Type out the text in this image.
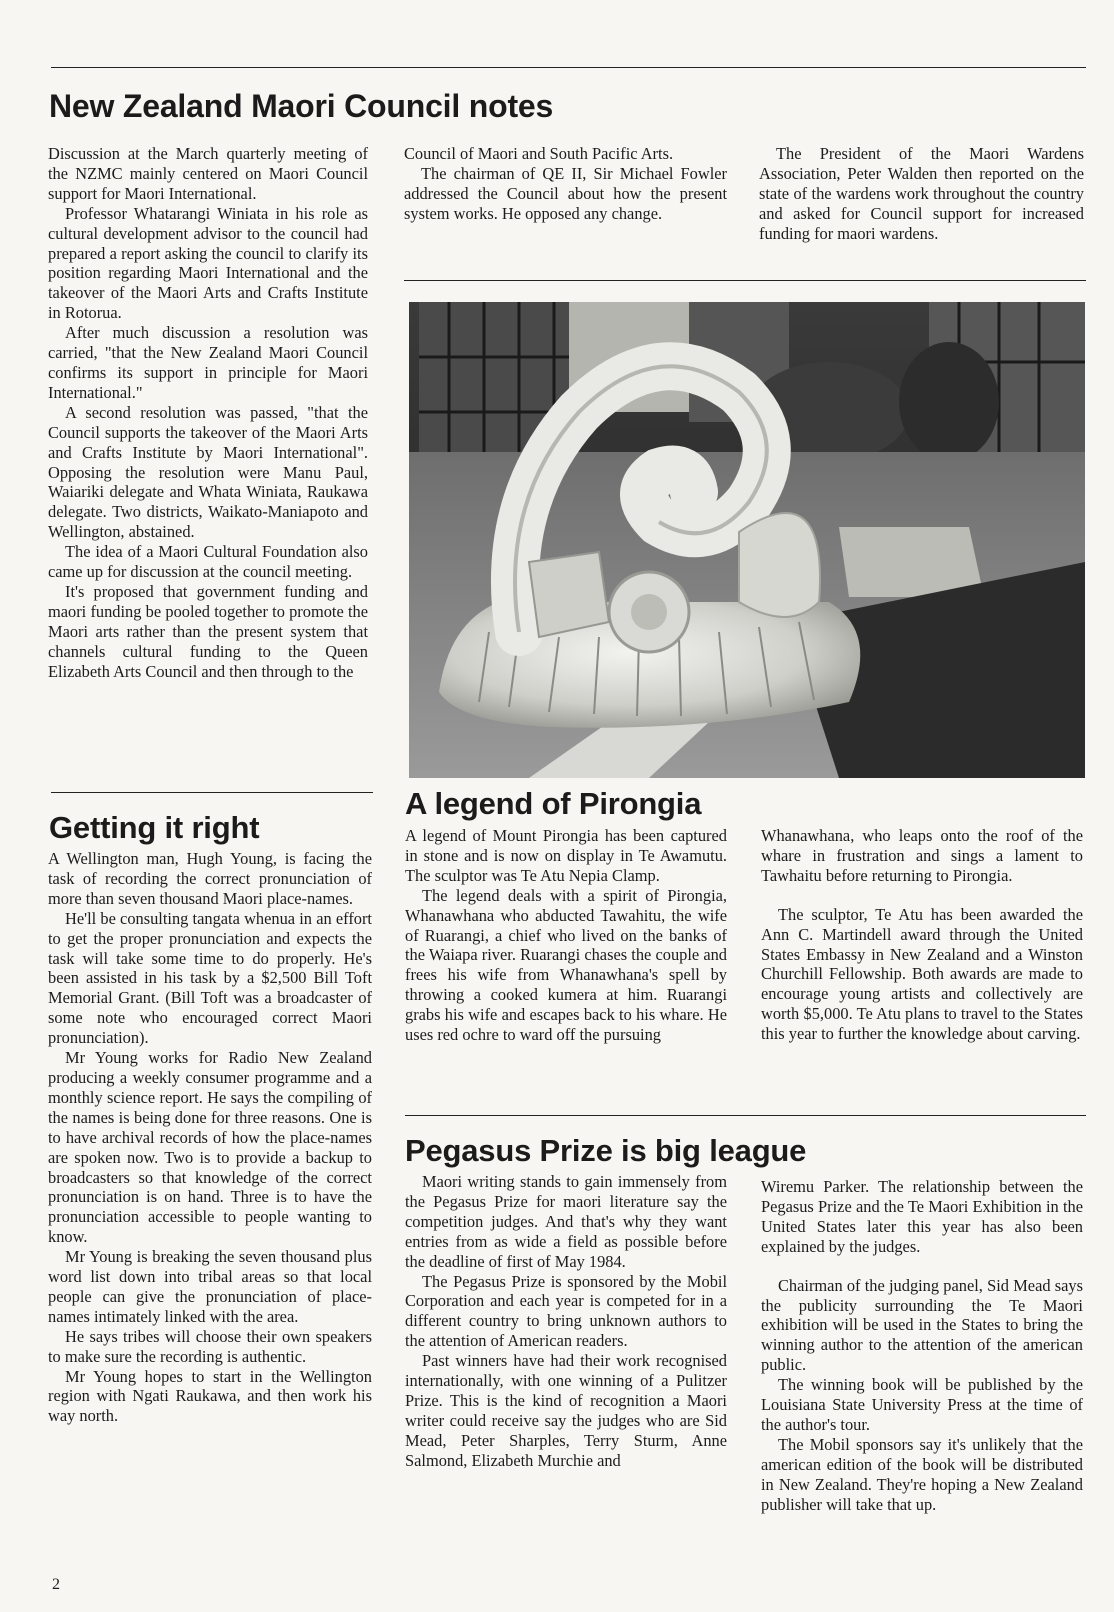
New Zealand Maori Council notes

Discussion at the March quarterly meeting of the NZMC mainly centered on Maori Council support for Maori International.

Professor Whatarangi Winiata in his role as cultural development advisor to the council had prepared a report asking the council to clarify its position regarding Maori International and the takeover of the Maori Arts and Crafts Institute in Rotorua.

After much discussion a resolution was carried, "that the New Zealand Maori Council confirms its support in principle for Maori International."

A second resolution was passed, "that the Council supports the takeover of the Maori Arts and Crafts Institute by Maori International". Opposing the resolution were Manu Paul, Waiariki delegate and Whata Winiata, Raukawa delegate. Two districts, Waikato-Maniapoto and Wellington, abstained.

The idea of a Maori Cultural Foundation also came up for discussion at the council meeting.

It's proposed that government funding and maori funding be pooled together to promote the Maori arts rather than the present system that channels cultural funding to the Queen Elizabeth Arts Council and then through to the

Council of Maori and South Pacific Arts.

The chairman of QE II, Sir Michael Fowler addressed the Council about how the present system works. He opposed any change.

The President of the Maori Wardens Association, Peter Walden then reported on the state of the wardens work throughout the country and asked for Council support for increased funding for maori wardens.

Getting it right

A Wellington man, Hugh Young, is facing the task of recording the correct pronunciation of more than seven thousand Maori place-names.

He'll be consulting tangata whenua in an effort to get the proper pronunciation and expects the task will take some time to do properly. He's been assisted in his task by a $2,500 Bill Toft Memorial Grant. (Bill Toft was a broadcaster of some note who encouraged correct Maori pronunciation).

Mr Young works for Radio New Zealand producing a weekly consumer programme and a monthly science report. He says the compiling of the names is being done for three reasons. One is to have archival records of how the place-names are spoken now. Two is to provide a backup to broadcasters so that knowledge of the correct pronunciation is on hand. Three is to have the pronunciation accessible to people wanting to know.

Mr Young is breaking the seven thousand plus word list down into tribal areas so that local people can give the pronunciation of place-names intimately linked with the area.

He says tribes will choose their own speakers to make sure the recording is authentic.

Mr Young hopes to start in the Wellington region with Ngati Raukawa, and then work his way north.

A legend of Pirongia

A legend of Mount Pirongia has been captured in stone and is now on display in Te Awamutu. The sculptor was Te Atu Nepia Clamp.

The legend deals with a spirit of Pirongia, Whanawhana who abducted Tawahitu, the wife of Ruarangi, a chief who lived on the banks of the Waiapa river. Ruarangi chases the couple and frees his wife from Whanawhana's spell by throwing a cooked kumera at him. Ruarangi grabs his wife and escapes back to his whare. He uses red ochre to ward off the pursuing

Whanawhana, who leaps onto the roof of the whare in frustration and sings a lament to Tawhaitu before returning to Pirongia.

The sculptor, Te Atu has been awarded the Ann C. Martindell award through the United States Embassy in New Zealand and a Winston Churchill Fellowship. Both awards are made to encourage young artists and collectively are worth $5,000. Te Atu plans to travel to the States this year to further the knowledge about carving.

Pegasus Prize is big league

Maori writing stands to gain immensely from the Pegasus Prize for maori literature say the competition judges. And that's why they want entries from as wide a field as possible before the deadline of first of May 1984.

The Pegasus Prize is sponsored by the Mobil Corporation and each year is competed for in a different country to bring unknown authors to the attention of American readers.

Past winners have had their work recognised internationally, with one winning of a Pulitzer Prize. This is the kind of recognition a Maori writer could receive say the judges who are Sid Mead, Peter Sharples, Terry Sturm, Anne Salmond, Elizabeth Murchie and

Wiremu Parker. The relationship between the Pegasus Prize and the Te Maori Exhibition in the United States later this year has also been explained by the judges.

Chairman of the judging panel, Sid Mead says the publicity surrounding the Te Maori exhibition will be used in the States to bring the winning author to the attention of the american public.

The winning book will be published by the Louisiana State University Press at the time of the author's tour.

The Mobil sponsors say it's unlikely that the american edition of the book will be distributed in New Zealand. They're hoping a New Zealand publisher will take that up.

2
